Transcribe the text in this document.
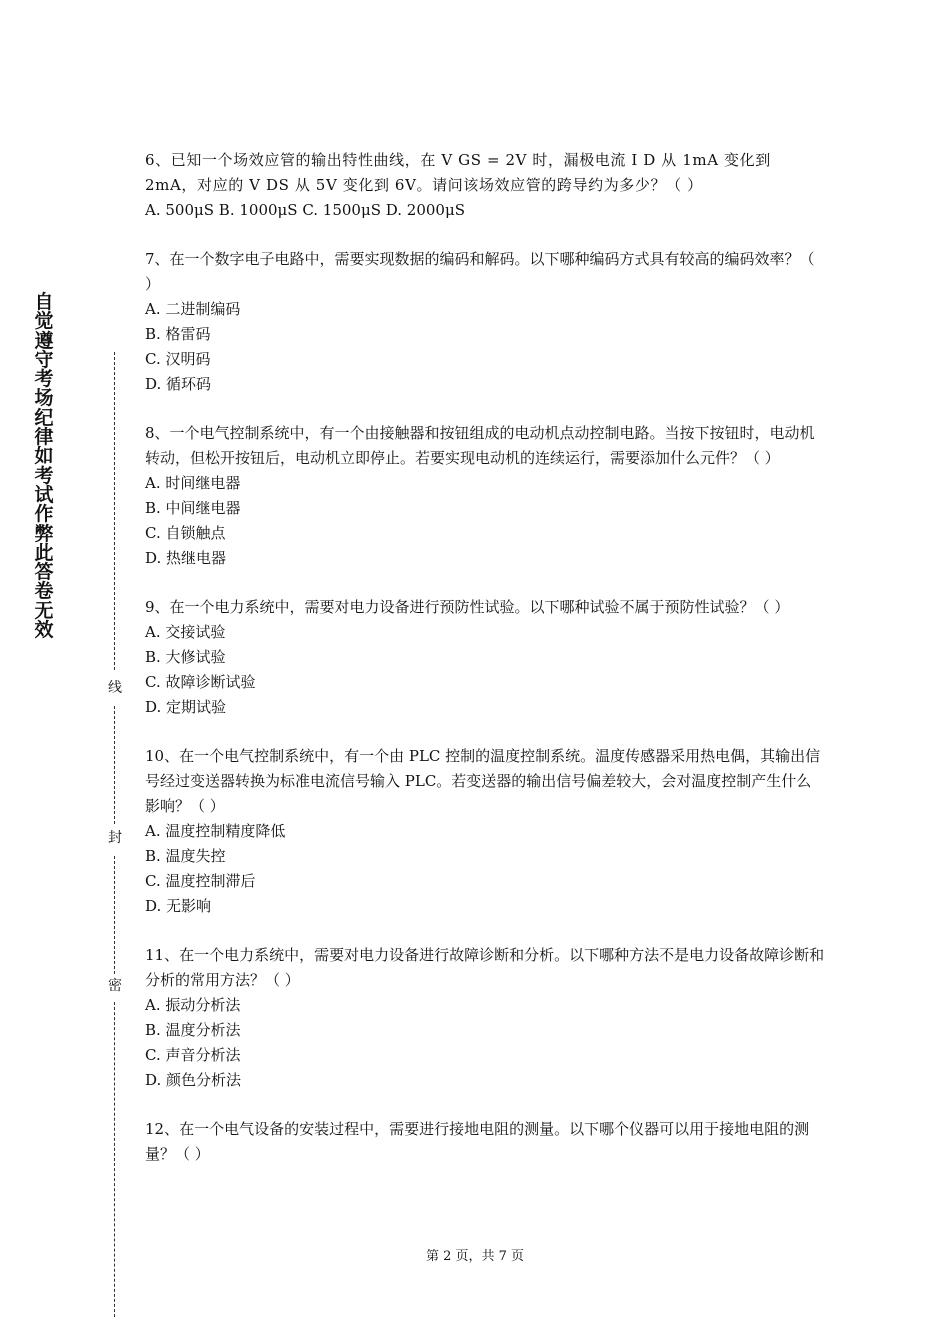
自觉遵守考场纪律如考试作弊此答卷无效
线
封
密

6、已知一个场效应管的输出特性曲线，在 V GS = 2V 时，漏极电流 I D 从 1mA 变化到 2mA，对应的 V DS 从 5V 变化到 6V。请问该场效应管的跨导约为多少？（ ）

A. 500μS B. 1000μS C. 1500μS D. 2000μS

7、在一个数字电子电路中，需要实现数据的编码和解码。以下哪种编码方式具有较高的编码效率？（ ）

A. 二进制编码

B. 格雷码

C. 汉明码

D. 循环码

8、一个电气控制系统中，有一个由接触器和按钮组成的电动机点动控制电路。当按下按钮时，电动机转动，但松开按钮后，电动机立即停止。若要实现电动机的连续运行，需要添加什么元件？（ ）

A. 时间继电器

B. 中间继电器

C. 自锁触点

D. 热继电器

9、在一个电力系统中，需要对电力设备进行预防性试验。以下哪种试验不属于预防性试验？（ ）

A. 交接试验

B. 大修试验

C. 故障诊断试验

D. 定期试验

10、在一个电气控制系统中，有一个由 PLC 控制的温度控制系统。温度传感器采用热电偶，其输出信号经过变送器转换为标准电流信号输入 PLC。若变送器的输出信号偏差较大，会对温度控制产生什么影响？（ ）

A. 温度控制精度降低

B. 温度失控

C. 温度控制滞后

D. 无影响

11、在一个电力系统中，需要对电力设备进行故障诊断和分析。以下哪种方法不是电力设备故障诊断和分析的常用方法？（ ）

A. 振动分析法

B. 温度分析法

C. 声音分析法

D. 颜色分析法

12、在一个电气设备的安装过程中，需要进行接地电阻的测量。以下哪个仪器可以用于接地电阻的测量？（ ）

第 2 页，共 7 页
